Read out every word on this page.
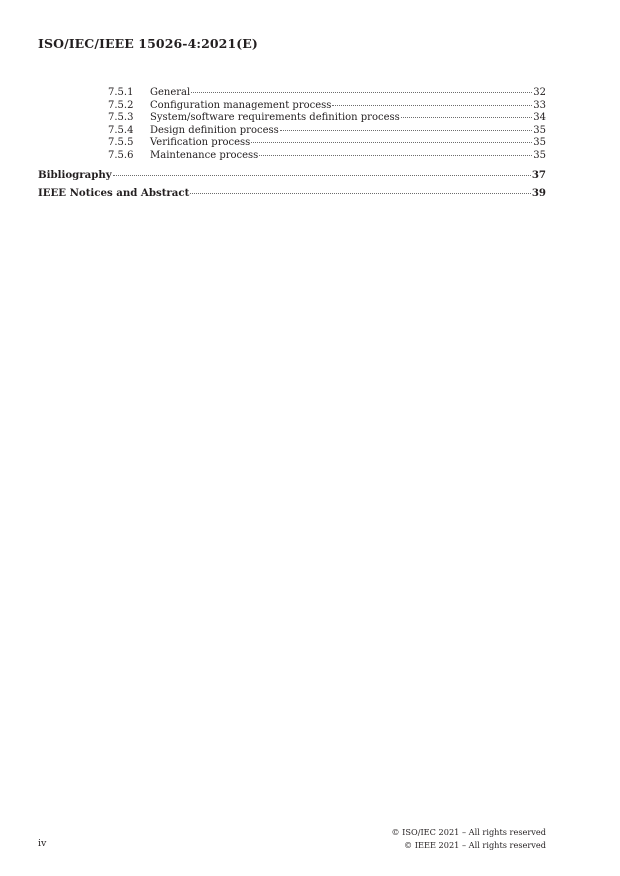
ISO/IEC/IEEE 15026-4:2021(E)
7.5.1	General	32
7.5.2	Configuration management process	33
7.5.3	System/software requirements definition process	34
7.5.4	Design definition process	35
7.5.5	Verification process	35
7.5.6	Maintenance process	35
Bibliography	37
IEEE Notices and Abstract	39
iv
© ISO/IEC 2021 – All rights reserved
© IEEE 2021 – All rights reserved
